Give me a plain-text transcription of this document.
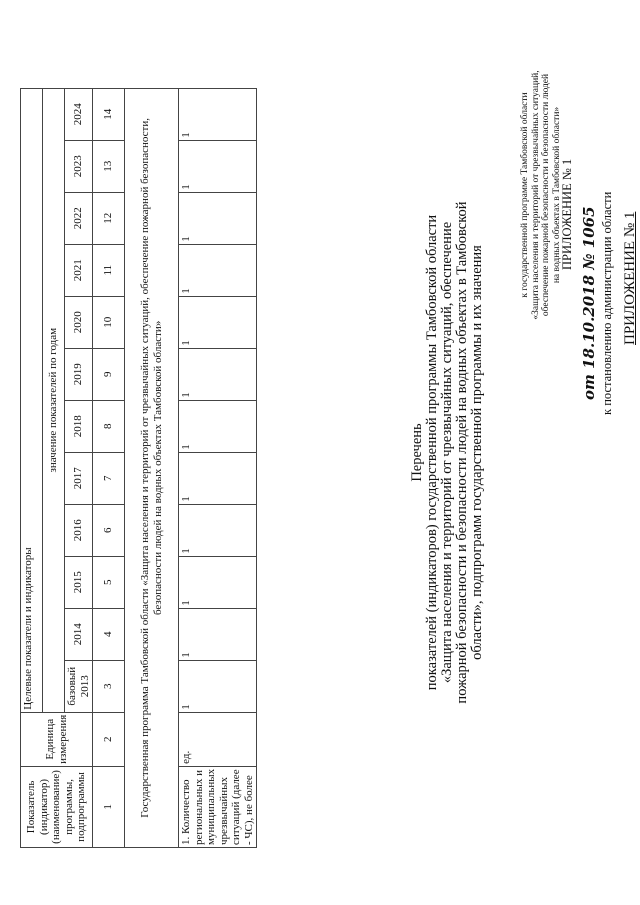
ПРИЛОЖЕНИЕ № 1
к постановлению администрации области
от 18.10.2018 № 1065
ПРИЛОЖЕНИЕ № 1
к государственной программе Тамбовской области «Защита населения и территорий от чрезвычайных ситуаций, обеспечение пожарной безопасности и безопасности людей на водных объектах в Тамбовской области»
Перечень показателей (индикаторов) государственной программы Тамбовской области «Защита населения и территорий от чрезвычайных ситуаций, обеспечение пожарной безопасности и безопасности людей на водных объектах в Тамбовской области», подпрограмм государственной программы и их значения
Показатель (индикатор) (наименование) программы, подпрограммы	Единица измерения	Целевые показатели и индикаторы											
		значение показателей по годам											
		базовый 2013	2014	2015	2016	2017	2018	2019	2020	2021	2022	2023	2024
1	2	3	4	5	6	7	8	9	10	11	12	13	14
Государственная программа Тамбовской области «Защита населения и территорий от чрезвычайных ситуаций, обеспечение пожарной безопасности, безопасности людей на водных объектах Тамбовской области»													
1. Количество региональных и муниципальных чрезвычайных ситуаций (далее - ЧС), не более	ед.	1	1	1	1	1	1	1	1	1	1	1	1
